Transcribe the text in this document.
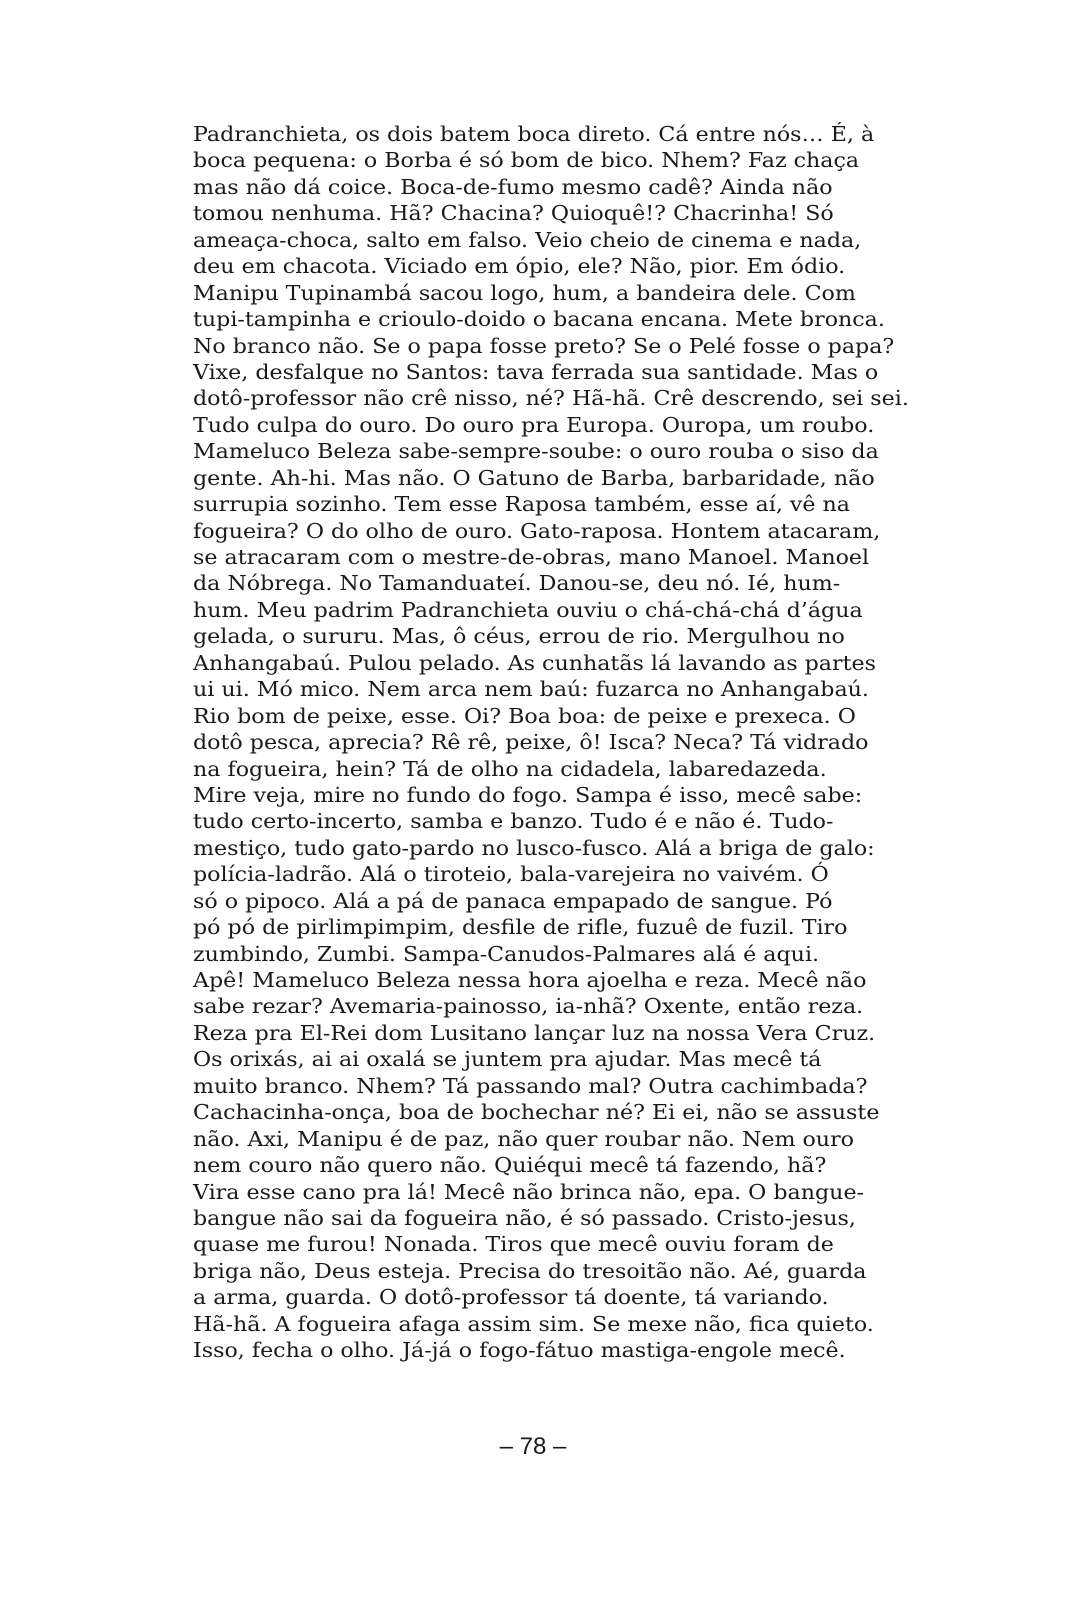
Padranchieta, os dois batem boca direto. Cá entre nós… É, à
boca pequena: o Borba é só bom de bico. Nhem? Faz chaça
mas não dá coice. Boca-de-fumo mesmo cadê? Ainda não
tomou nenhuma. Hã? Chacina? Quioquê!? Chacrinha! Só
ameaça-choca, salto em falso. Veio cheio de cinema e nada,
deu em chacota. Viciado em ópio, ele? Não, pior. Em ódio.
Manipu Tupinambá sacou logo, hum, a bandeira dele. Com
tupi-tampinha e crioulo-doido o bacana encana. Mete bronca.
No branco não. Se o papa fosse preto? Se o Pelé fosse o papa?
Vixe, desfalque no Santos: tava ferrada sua santidade. Mas o
dotô-professor não crê nisso, né? Hã-hã. Crê descrendo, sei sei.
Tudo culpa do ouro. Do ouro pra Europa. Ouropa, um roubo.
Mameluco Beleza sabe-sempre-soube: o ouro rouba o siso da
gente. Ah-hi. Mas não. O Gatuno de Barba, barbaridade, não
surrupia sozinho. Tem esse Raposa também, esse aí, vê na
fogueira? O do olho de ouro. Gato-raposa. Hontem atacaram,
se atracaram com o mestre-de-obras, mano Manoel. Manoel
da Nóbrega. No Tamanduateí. Danou-se, deu nó. Ié, hum-
hum. Meu padrim Padranchieta ouviu o chá-chá-chá d’água
gelada, o sururu. Mas, ô céus, errou de rio. Mergulhou no
Anhangabaú. Pulou pelado. As cunhatãs lá lavando as partes
ui ui. Mó mico. Nem arca nem baú: fuzarca no Anhangabaú.
Rio bom de peixe, esse. Oi? Boa boa: de peixe e prexeca. O
dotô pesca, aprecia? Rê rê, peixe, ô! Isca? Neca? Tá vidrado
na fogueira, hein? Tá de olho na cidadela, labaredazeda.
Mire veja, mire no fundo do fogo. Sampa é isso, mecê sabe:
tudo certo-incerto, samba e banzo. Tudo é e não é. Tudo-
mestiço, tudo gato-pardo no lusco-fusco. Alá a briga de galo:
polícia-ladrão. Alá o tiroteio, bala-varejeira no vaivém. Ó
só o pipoco. Alá a pá de panaca empapado de sangue. Pó
pó pó de pirlimpimpim, desfile de rifle, fuzuê de fuzil. Tiro
zumbindo, Zumbi. Sampa-Canudos-Palmares alá é aqui.
Apê! Mameluco Beleza nessa hora ajoelha e reza. Mecê não
sabe rezar? Avemaria-painosso, ia-nhã? Oxente, então reza.
Reza pra El-Rei dom Lusitano lançar luz na nossa Vera Cruz.
Os orixás, ai ai oxalá se juntem pra ajudar. Mas mecê tá
muito branco. Nhem? Tá passando mal? Outra cachimbada?
Cachacinha-onça, boa de bochechar né? Ei ei, não se assuste
não. Axi, Manipu é de paz, não quer roubar não. Nem ouro
nem couro não quero não. Quiéqui mecê tá fazendo, hã?
Vira esse cano pra lá! Mecê não brinca não, epa. O bangue-
bangue não sai da fogueira não, é só passado. Cristo-jesus,
quase me furou! Nonada. Tiros que mecê ouviu foram de
briga não, Deus esteja. Precisa do tresoitão não. Aé, guarda
a arma, guarda. O dotô-professor tá doente, tá variando.
Hã-hã. A fogueira afaga assim sim. Se mexe não, fica quieto.
Isso, fecha o olho. Já-já o fogo-fátuo mastiga-engole mecê.
– 78 –
